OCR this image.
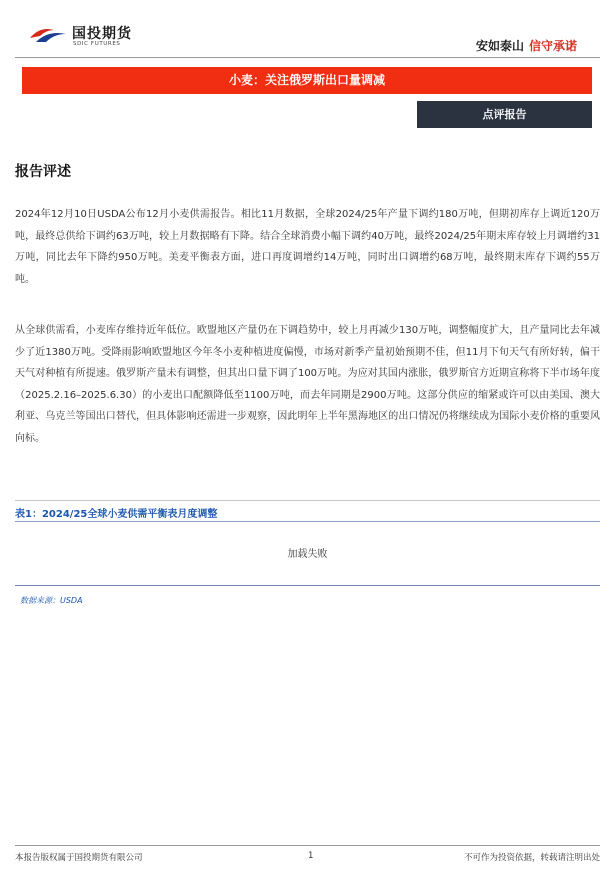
国投期货
SDIC FUTURES	安如泰山 信守承诺
小麦：关注俄罗斯出口量调减
点评报告
报告评述

2024年12月10日USDA公布12月小麦供需报告。相比11月数据，全球2024/25年产量下调约180万吨，但期初库存上调近120万吨，最终总供给下调约63万吨，较上月数据略有下降。结合全球消费小幅下调约40万吨，最终2024/25年期末库存较上月调增约31万吨，同比去年下降约950万吨。美麦平衡表方面，进口再度调增约14万吨，同时出口调增约68万吨，最终期末库存下调约55万吨。

从全球供需看，小麦库存维持近年低位。欧盟地区产量仍在下调趋势中，较上月再减少130万吨，调整幅度扩大，且产量同比去年减少了近1380万吨。受降雨影响欧盟地区今年冬小麦种植进度偏慢，市场对新季产量初始预期不佳，但11月下旬天气有所好转，偏干天气对种植有所提速。俄罗斯产量未有调整，但其出口量下调了100万吨。为应对其国内涨胀，俄罗斯官方近期宣称将下半市场年度（2025.2.16–2025.6.30）的小麦出口配额降低至1100万吨，而去年同期是2900万吨。这部分供应的缩紧或许可以由美国、澳大利亚、乌克兰等国出口替代，但具体影响还需进一步观察，因此明年上半年黑海地区的出口情况仍将继续成为国际小麦价格的重要风向标。

表1：2024/25全球小麦供需平衡表月度调整
加载失败
数据来源：USDA
本报告版权属于国投期货有限公司	1	不可作为投资依据，转载请注明出处
